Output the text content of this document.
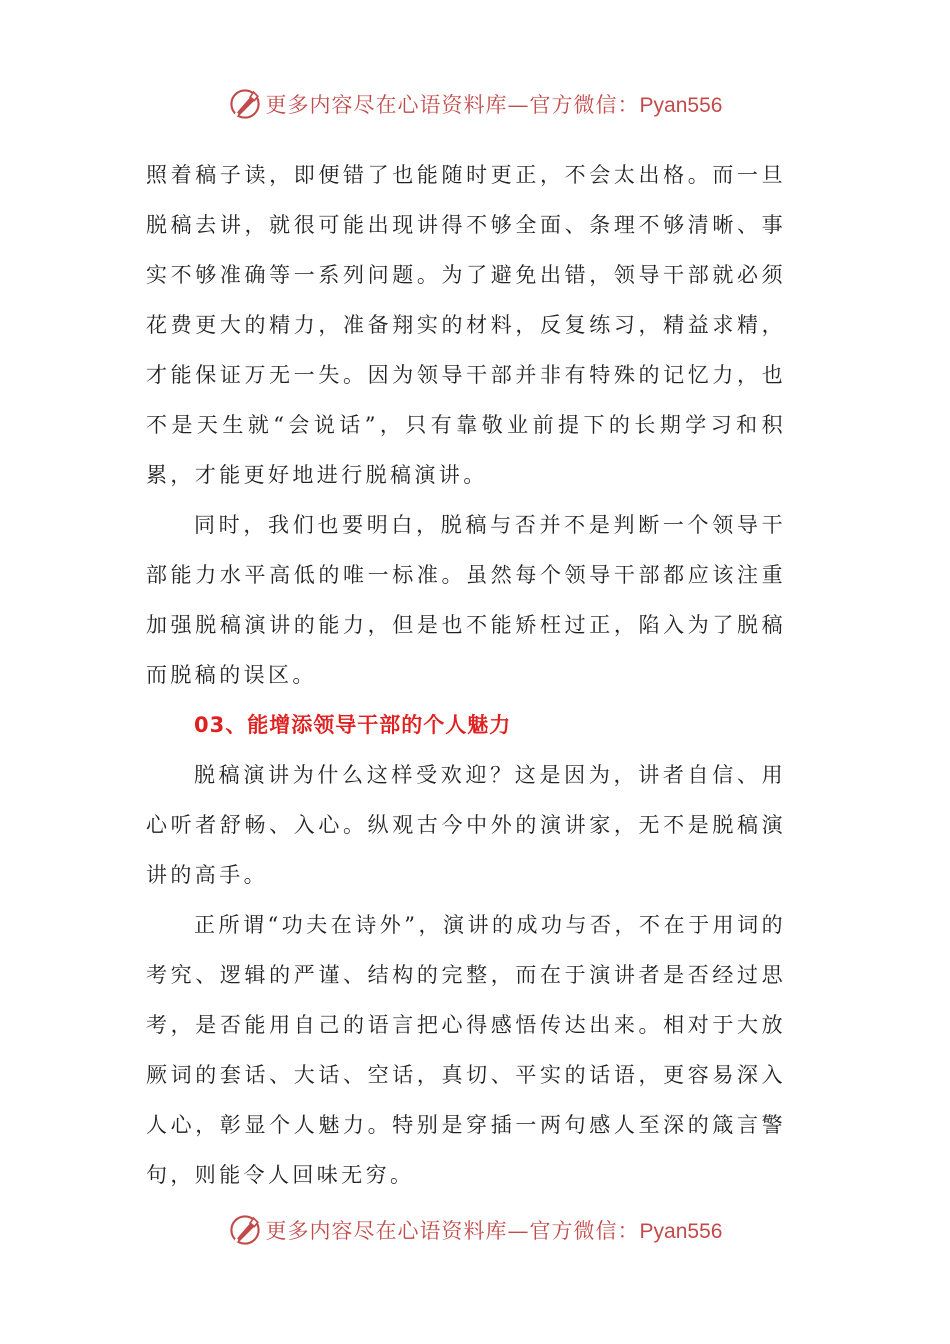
更多内容尽在心语资料库—官方微信：Pyan556

照着稿子读，即便错了也能随时更正，不会太出格。而一旦脱稿去讲，就很可能出现讲得不够全面、条理不够清晰、事实不够准确等一系列问题。为了避免出错，领导干部就必须花费更大的精力，准备翔实的材料，反复练习，精益求精，才能保证万无一失。因为领导干部并非有特殊的记忆力，也不是天生就“会说话”，只有靠敬业前提下的长期学习和积累，才能更好地进行脱稿演讲。

同时，我们也要明白，脱稿与否并不是判断一个领导干部能力水平高低的唯一标准。虽然每个领导干部都应该注重加强脱稿演讲的能力，但是也不能矫枉过正，陷入为了脱稿而脱稿的误区。

03、能增添领导干部的个人魅力

脱稿演讲为什么这样受欢迎？这是因为，讲者自信、用心听者舒畅、入心。纵观古今中外的演讲家，无不是脱稿演讲的高手。

正所谓“功夫在诗外”，演讲的成功与否，不在于用词的考究、逻辑的严谨、结构的完整，而在于演讲者是否经过思考，是否能用自己的语言把心得感悟传达出来。相对于大放厥词的套话、大话、空话，真切、平实的话语，更容易深入人心，彰显个人魅力。特别是穿插一两句感人至深的箴言警句，则能令人回味无穷。

更多内容尽在心语资料库—官方微信：Pyan556
